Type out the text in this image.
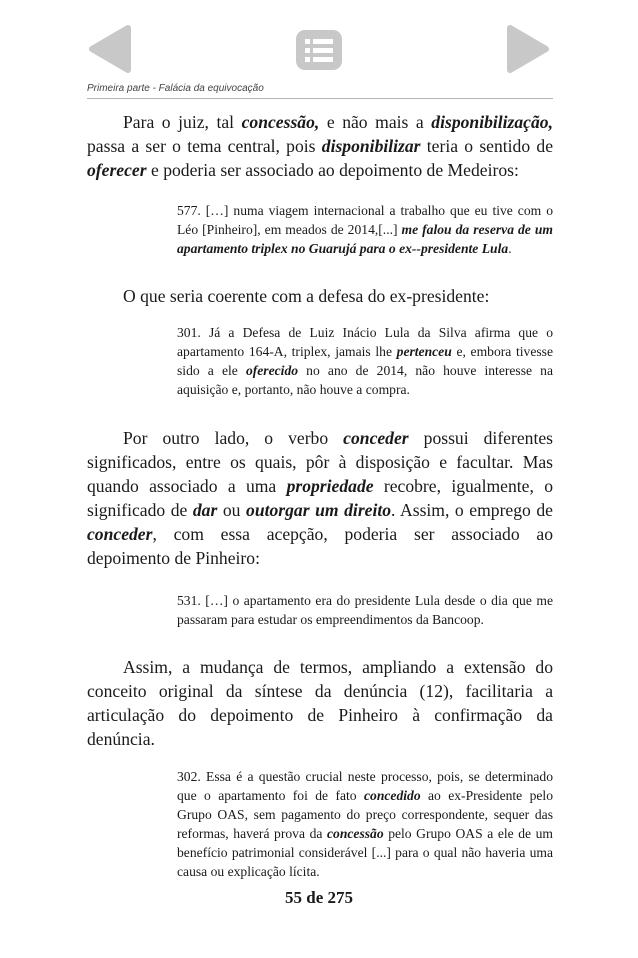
Primeira parte - Falácia da equivocação

Para o juiz, tal concessão, e não mais a disponibilização, passa a ser o tema central, pois disponibilizar teria o sentido de oferecer e poderia ser associado ao depoimento de Medeiros:

577. […] numa viagem internacional a trabalho que eu tive com o Léo [Pinheiro], em meados de 2014,[...] me falou da reserva de um apartamento triplex no Guarujá para o ex--presidente Lula.

O que seria coerente com a defesa do ex-presidente:

301. Já a Defesa de Luiz Inácio Lula da Silva afirma que o apartamento 164-A, triplex, jamais lhe pertenceu e, embora tivesse sido a ele oferecido no ano de 2014, não houve interesse na aquisição e, portanto, não houve a compra.

Por outro lado, o verbo conceder possui diferentes significados, entre os quais, pôr à disposição e facultar. Mas quando associado a uma propriedade recobre, igualmente, o significado de dar ou outorgar um direito. Assim, o emprego de conceder, com essa acepção, poderia ser associado ao depoimento de Pinheiro:

531. […] o apartamento era do presidente Lula desde o dia que me passaram para estudar os empreendimentos da Bancoop.

Assim, a mudança de termos, ampliando a extensão do conceito original da síntese da denúncia (12), facilitaria a articulação do depoimento de Pinheiro à confirmação da denúncia.

302. Essa é a questão crucial neste processo, pois, se determinado que o apartamento foi de fato concedido ao ex-Presidente pelo Grupo OAS, sem pagamento do preço correspondente, sequer das reformas, haverá prova da concessão pelo Grupo OAS a ele de um benefício patrimonial considerável [...] para o qual não haveria uma causa ou explicação lícita.

55 de 275
